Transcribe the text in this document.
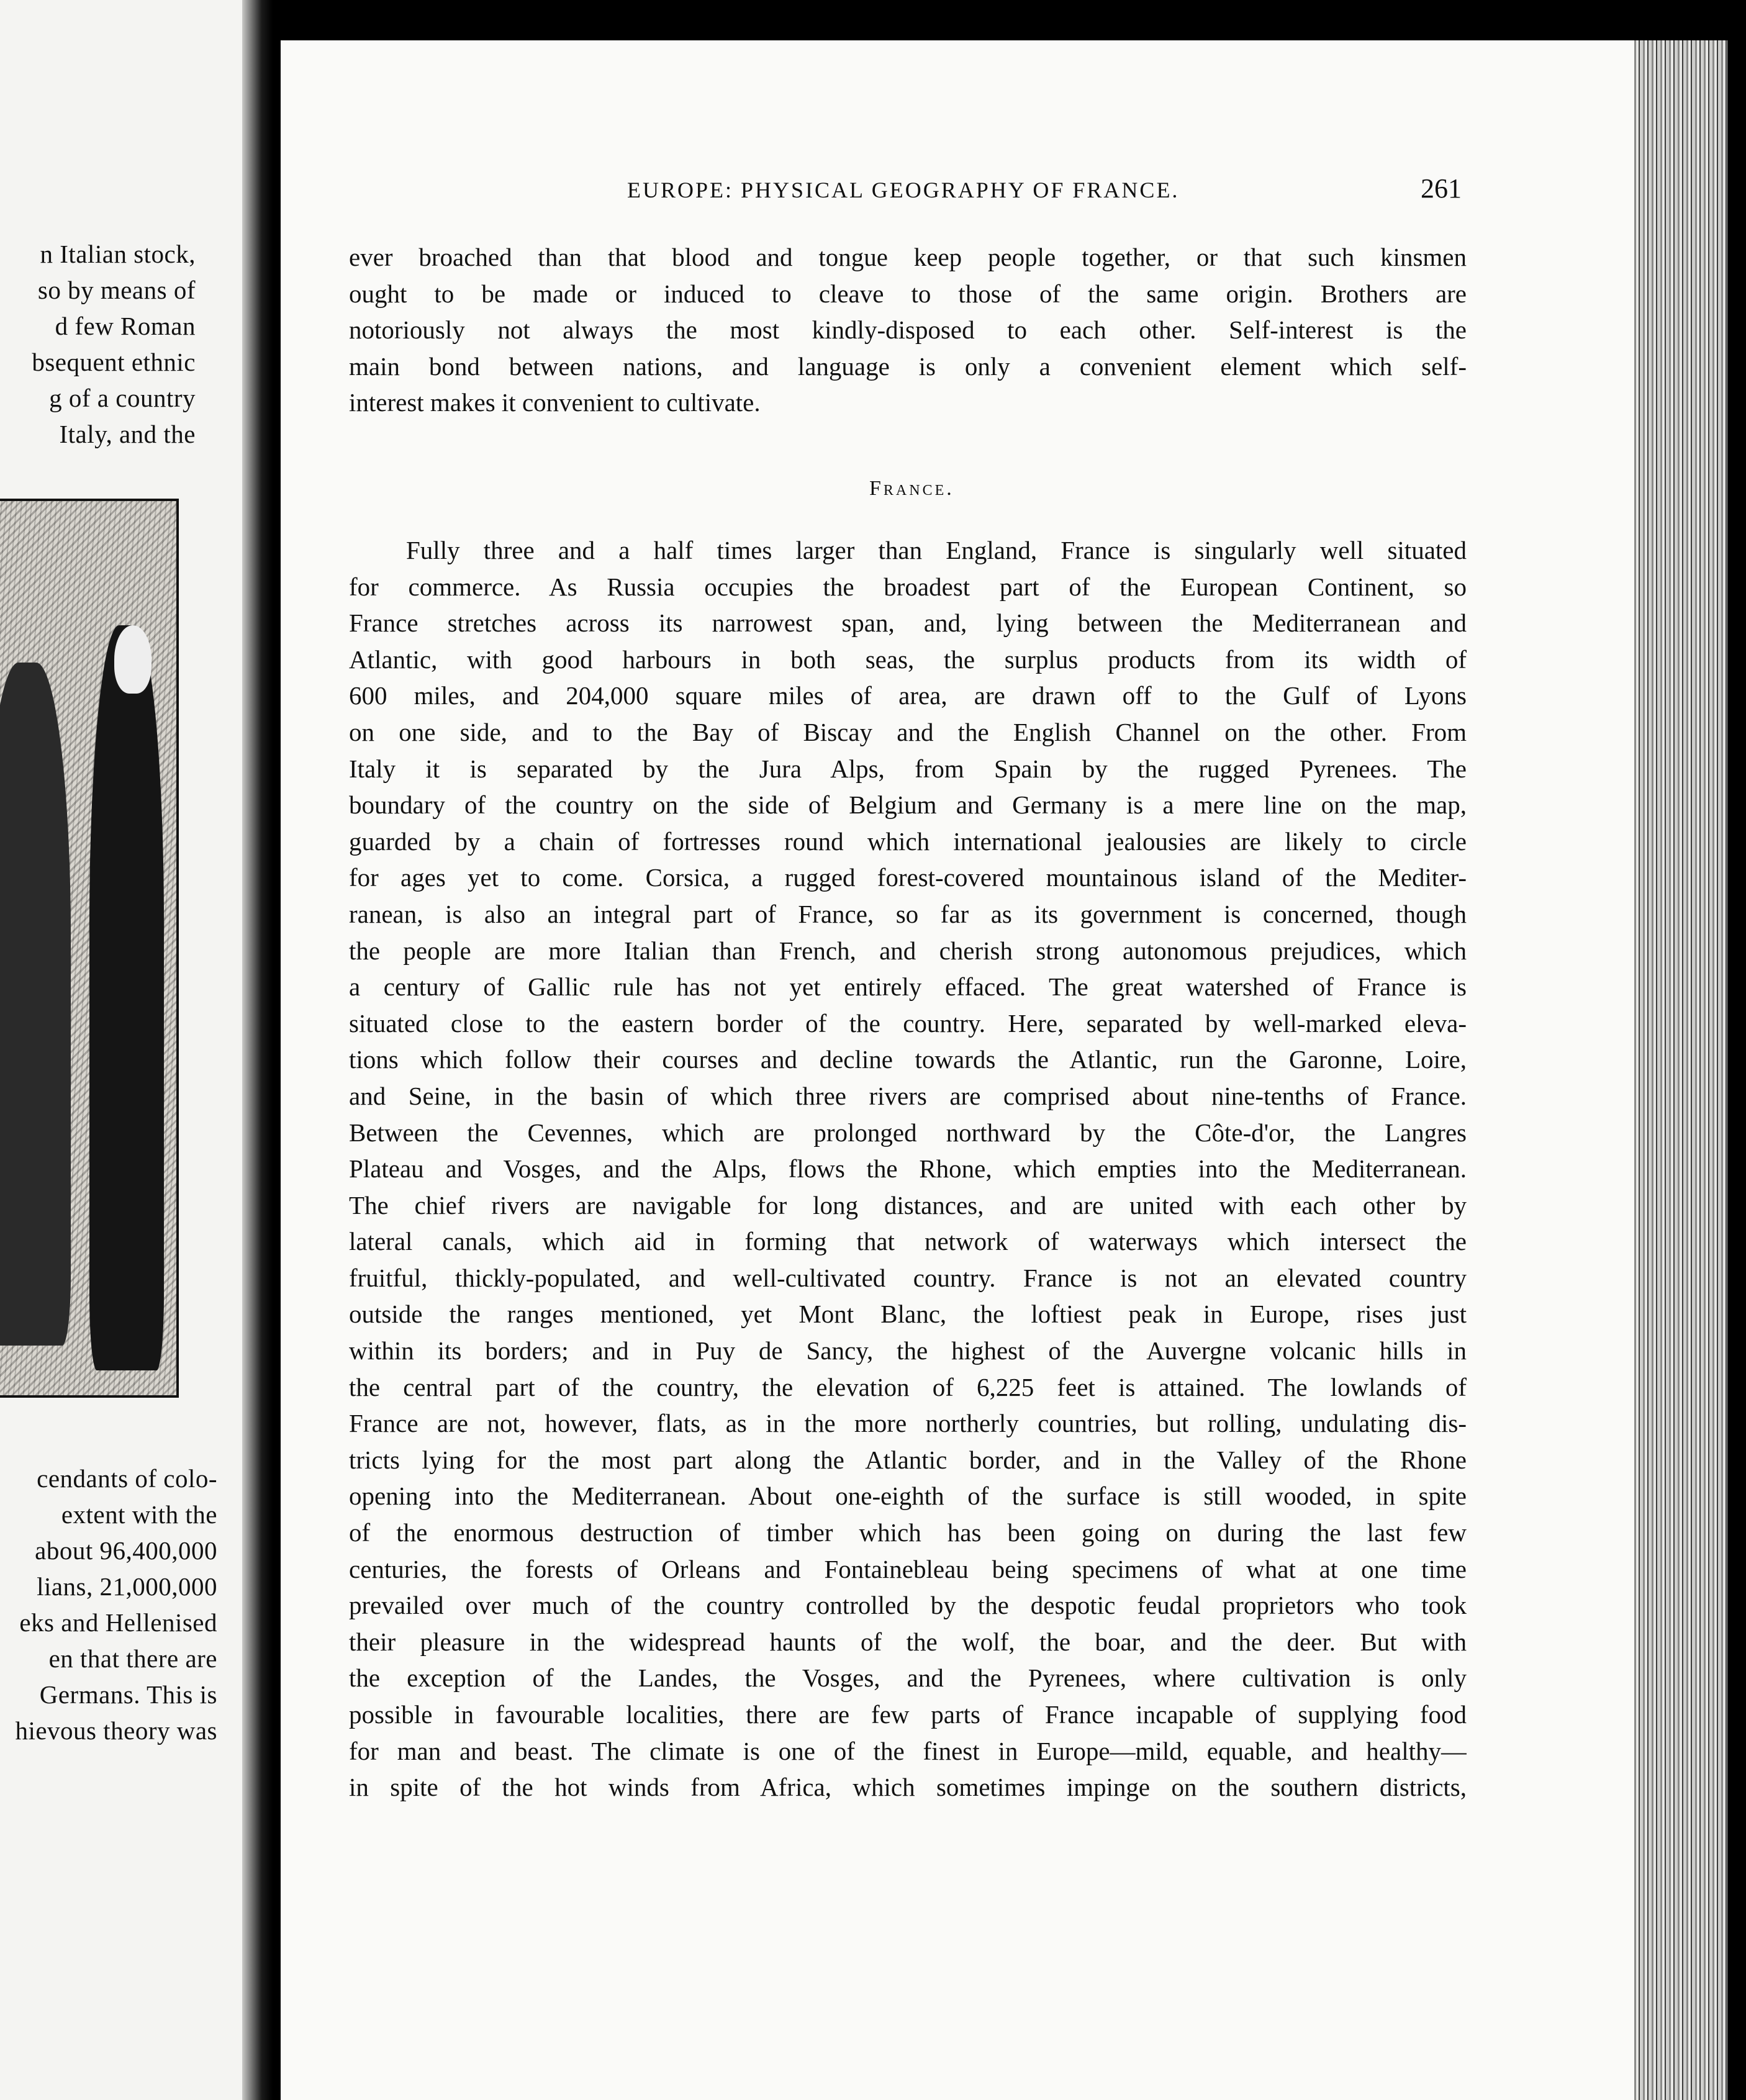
n Italian stock,
so by means of
d few Roman
bsequent ethnic
g of a country
Italy, and the
cendants of colo-
extent with the
about 96,400,000
lians, 21,000,000
eks and Hellenised
en that there are
Germans. This is
hievous theory was
EUROPE: PHYSICAL GEOGRAPHY OF FRANCE.	261
ever broached than that blood and tongue keep people together, or that such kinsmen
ought to be made or induced to cleave to those of the same origin. Brothers are
notoriously not always the most kindly-disposed to each other. Self-interest is the
main bond between nations, and language is only a convenient element which self-
interest makes it convenient to cultivate.
France.
Fully three and a half times larger than England, France is singularly well situated
for commerce. As Russia occupies the broadest part of the European Continent, so
France stretches across its narrowest span, and, lying between the Mediterranean and
Atlantic, with good harbours in both seas, the surplus products from its width of
600 miles, and 204,000 square miles of area, are drawn off to the Gulf of Lyons
on one side, and to the Bay of Biscay and the English Channel on the other. From
Italy it is separated by the Jura Alps, from Spain by the rugged Pyrenees. The
boundary of the country on the side of Belgium and Germany is a mere line on the map,
guarded by a chain of fortresses round which international jealousies are likely to circle
for ages yet to come. Corsica, a rugged forest-covered mountainous island of the Mediter-
ranean, is also an integral part of France, so far as its government is concerned, though
the people are more Italian than French, and cherish strong autonomous prejudices, which
a century of Gallic rule has not yet entirely effaced. The great watershed of France is
situated close to the eastern border of the country. Here, separated by well-marked eleva-
tions which follow their courses and decline towards the Atlantic, run the Garonne, Loire,
and Seine, in the basin of which three rivers are comprised about nine-tenths of France.
Between the Cevennes, which are prolonged northward by the Côte-d'or, the Langres
Plateau and Vosges, and the Alps, flows the Rhone, which empties into the Mediterranean.
The chief rivers are navigable for long distances, and are united with each other by
lateral canals, which aid in forming that network of waterways which intersect the
fruitful, thickly-populated, and well-cultivated country. France is not an elevated country
outside the ranges mentioned, yet Mont Blanc, the loftiest peak in Europe, rises just
within its borders; and in Puy de Sancy, the highest of the Auvergne volcanic hills in
the central part of the country, the elevation of 6,225 feet is attained. The lowlands of
France are not, however, flats, as in the more northerly countries, but rolling, undulating dis-
tricts lying for the most part along the Atlantic border, and in the Valley of the Rhone
opening into the Mediterranean. About one-eighth of the surface is still wooded, in spite
of the enormous destruction of timber which has been going on during the last few
centuries, the forests of Orleans and Fontainebleau being specimens of what at one time
prevailed over much of the country controlled by the despotic feudal proprietors who took
their pleasure in the widespread haunts of the wolf, the boar, and the deer. But with
the exception of the Landes, the Vosges, and the Pyrenees, where cultivation is only
possible in favourable localities, there are few parts of France incapable of supplying food
for man and beast. The climate is one of the finest in Europe—mild, equable, and healthy—
in spite of the hot winds from Africa, which sometimes impinge on the southern districts,
